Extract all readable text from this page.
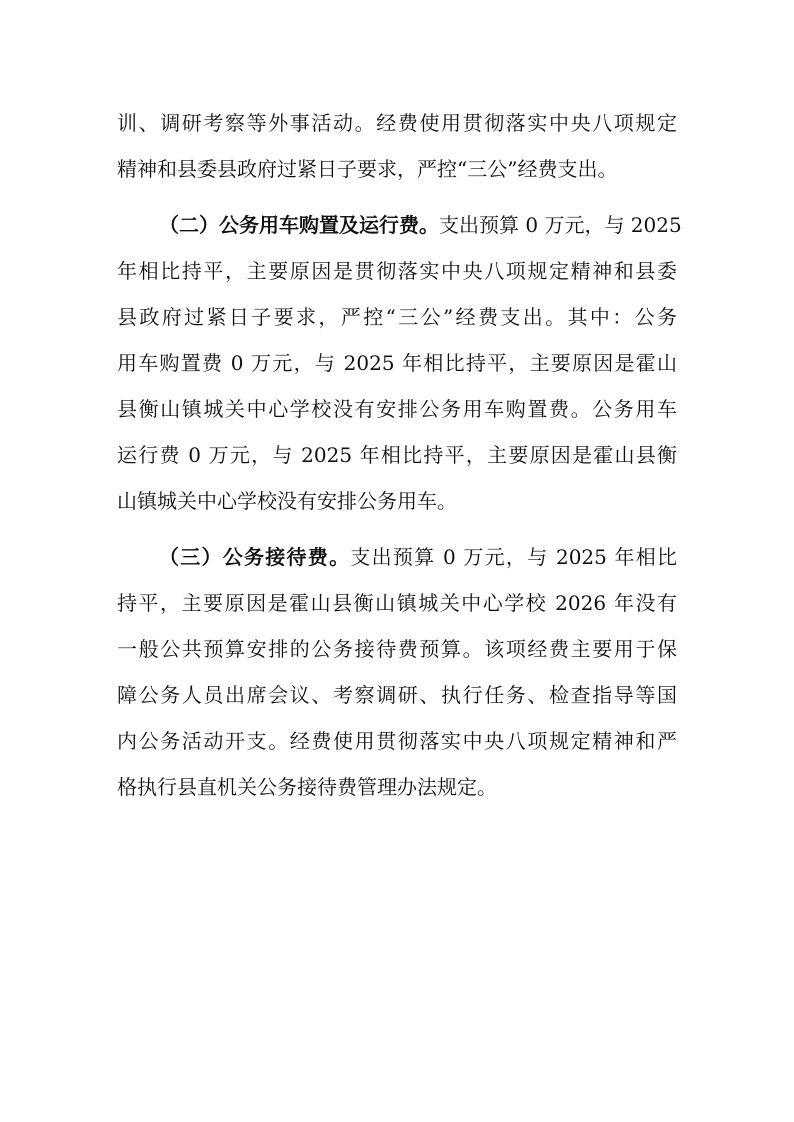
训、调研考察等外事活动。经费使用贯彻落实中央八项规定
精神和县委县政府过紧日子要求，严控“三公”经费支出。
（二）公务用车购置及运行费。支出预算 0 万元，与 2025
年相比持平，主要原因是贯彻落实中央八项规定精神和县委
县政府过紧日子要求，严控“三公”经费支出。其中：公务
用车购置费 0 万元，与 2025 年相比持平，主要原因是霍山
县衡山镇城关中心学校没有安排公务用车购置费。公务用车
运行费 0 万元，与 2025 年相比持平，主要原因是霍山县衡
山镇城关中心学校没有安排公务用车。
（三）公务接待费。支出预算 0 万元，与 2025 年相比
持平，主要原因是霍山县衡山镇城关中心学校 2026 年没有
一般公共预算安排的公务接待费预算。该项经费主要用于保
障公务人员出席会议、考察调研、执行任务、检查指导等国
内公务活动开支。经费使用贯彻落实中央八项规定精神和严
格执行县直机关公务接待费管理办法规定。
